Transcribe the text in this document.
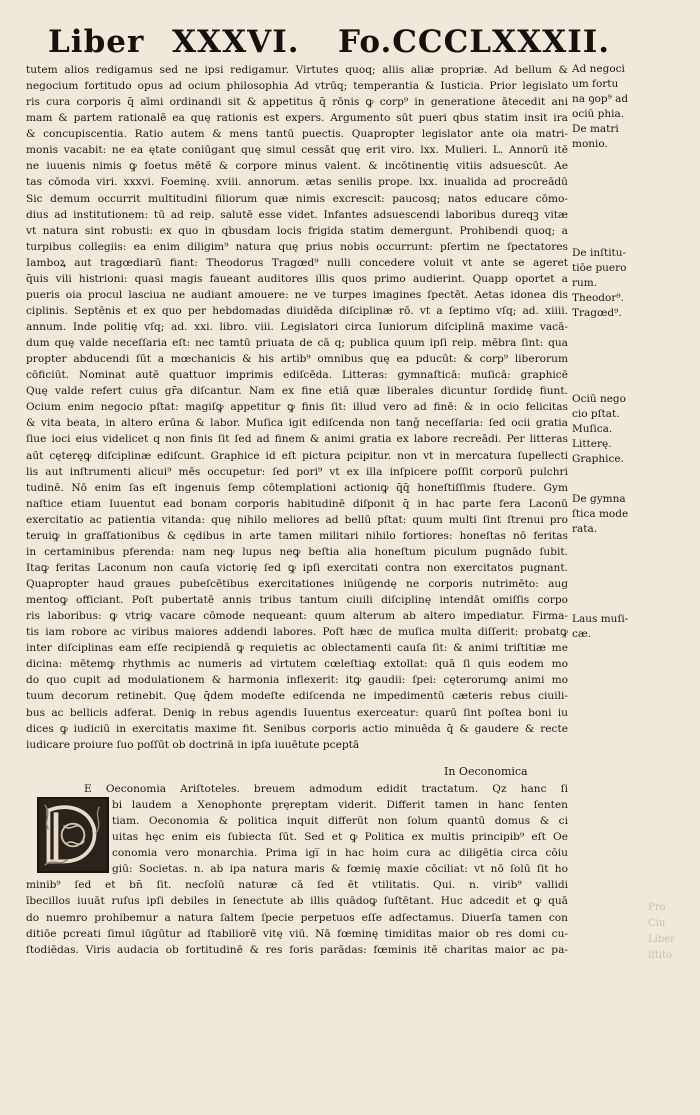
Liber XXXVI. Fo.CCCLXXXII.
tutem alios redigamus sed ne ipsi redigamur. Virtutes quoq; aliis aliæ propriæ. Ad bellum &
negocium fortitudo opus ad ocium philosophia Ad vtrūq; temperantia & Iusticia. Prior legislato
ris cura corporis q̄ aīmi ordinandi sit & appetitus q̄ rōnis ꝙ corp⁹ in generatione ātecedit ani
mam & partem rationalē ea quę rationis est expers. Argumento sūt pueri qbus statim insit ira
& concupiscentia. Ratio autem & mens tantū puectis. Quapropter legislator ante oia matri-
monis vacabit: ne ea ętate coniūgant quę simul cessāt quę erit viro. lxx. Mulieri. L. Annorū itē
ne iuuenis nimis ꝙ foetus mētē & corpore minus valent. & incōtinentię vitiis adsuescūt. Ae
tas cōmoda viri. xxxvi. Foeminę. xviii. annorum. ætas senilis prope. lxx. inualida ad procreādū
Sic demum occurrit multitudini filiorum quæ nimis excrescit: paucosq; natos educare cōmo-
dius ad institutionem: tū ad reip. salutē esse videt. Infantes adsuescendi laboribus dureqꝫ vitæ
vt natura sint robusti: ex quo in qbusdam locis frigida statim demergunt. Prohibendi quoq; a
turpibus collegiis: ea enim diligim⁹ natura quę prius nobis occurrunt: pſertim ne ſpectatores
Iamboꝝ aut tragœdiarū fiant: Theodorus Tragœd⁹ nulli concedere voluit vt ante se ageret
q̄uis vili histrioni: quasi magis faueant auditores illis quos primo audierint. Quapp oportet a
pueris oia procul lasciua ne audiant amouere: ne ve turpes imagines ſpectēt. Aetas idonea dis
ciplinis. Septēnis et ex quo per hebdomadas diuidēda diſciplinæ rō. vt a ſeptimo vſq; ad. xiiii.
annum. Inde politię vſq; ad. xxi. libro. viii. Legislatori circa Iuniorum diſciplinā maxime vacā-
dum quę valde neceſſaria eſt: nec tamtū priuata de cā q; publica quum ipſi reip. mēbra ſint: qua
propter abducendi ſūt a mœchanicis & his artib⁹ omnibus quę ea pducūt: & corp⁹ liberorum
cōficiūt. Nominat autē quattuor imprimis ediſcēda. Litteras: gymnaſticā: muſicā: graphicē
Quę valde refert cuius gr̄a diſcantur. Nam ex fine etiā quæ liberales dicuntur ſordidę fiunt.
Ocium enim negocio pſtat: magiſꝙ appetitur ꝙ finis ſit: illud vero ad finē: & in ocio felicitas
& vita beata, in altero erūna & labor. Muſica igit ediſcenda non tanǧ neceſſaria: ſed ocii gratia
ſiue ioci eius videlicet q non finis ſit ſed ad finem & animi gratia ex labore recreādi. Per litteras
aūt cęteręꝙ diſciplinæ ediſcunt. Graphice id eſt pictura pcipitur. non vt in mercatura ſupellecti
lis aut inſtrumenti alicui⁹ mēs occupetur: ſed pori⁹ vt ex illa inſpicere poſſit corporū pulchri
tudinē. Nō enim ſas eſt ingenuis ſemp cōtemplationi actioniꝙ q̄q̄ honeſtiſſimis ſtudere. Gym
naſtice etiam Iuuentut ead bonam corporis habitudinē diſponit q̄ in hac parte fera Laconū
exercitatio ac patientia vitanda: quę nihilo meliores ad bellū pſtat: quum multi ſint ſtrenui pro
teruiꝙ in graſſationibus & cędibus in arte tamen militari nihilo fortiores: honeſtas nō feritas
in certaminibus pferenda: nam neꝙ lupus neꝙ beſtia alia honeſtum piculum pugnādo ſubit.
Itaꝙ feritas Laconum non cauſa victorię ſed ꝙ ipſi exercitati contra non exercitatos pugnant.
Quapropter haud graues pubeſcētibus exercitationes iniūgendę ne corporis nutrimēto: aug
mentoꝙ officiant. Poſt pubertatē annis tribus tantum ciuili diſciplinę intendāt omiſſis corpo
ris laboribus: ꝙ vtriꝙ vacare cōmode nequeant: quum alterum ab altero impediatur. Firma-
tis iam robore ac viribus maiores addendi labores. Poſt hæc de muſica multa diſſerit: probatꝙ
inter diſciplinas eam eſſe recipiendā ꝙ requietis ac oblectamenti cauſa ſit: & animi triſtitiæ me
dicina: mētemꝙ rhythmis ac numeris ad virtutem cœleſtiaꝙ extollat: quā ſi quis eodem mo
do quo cupit ad modulationem & harmonia inflexerit: itꝙ gaudii: ſpei: cęterorumꝙ animi mo
tuum decorum retinebit. Quę q̄dem modeſte ediſcenda ne impedimentū cæteris rebus ciuili-
bus ac bellicis adferat. Deniꝙ in rebus agendis Iuuentus exerceatur: quarū ſint poſtea boni iu
dices ꝙ iudiciū in exercitatis maxime fit. Senibus corporis actio minuēda q̄ & gaudere & recte
iudicare proiure ſuo poſſūt ob doctrinā in ipſa iuuētute pceptā
In Oeconomica
E Oeconomia Ariſtoteles. breuem admodum edidit tractatum. Qz hanc ſi
bi laudem a Xenophonte pręreptam viderit. Differit tamen in hanc ſenten
tiam. Oeconomia & politica inquit differūt non ſolum quantū domus & ci
uitas hęc enim eis ſubiecta ſūt. Sed et ꝙ Politica ex multis principib⁹ eſt Oe
conomia vero monarchia. Prima igi̅ in hac hoim cura ac diligētia circa cōiu
giū: Societas. n. ab ipa natura maris & fœmię maxie cōciliat: vt nō ſolū ſit ho
minib⁹ ſed et bn̄ ſit. necſolū naturæ cā ſed ēt vtilitatis. Qui. n. virib⁹ vallidi
ībecillos iuuāt ruſus ipſi debiles in ſenectute ab illis quādoꝙ ſuſtētant. Huc adcedit et ꝙ quā
do nuemro prohibemur a natura ſaltem ſpecie perpetuos eſſe adſectamus. Diuerſa tamen con
ditiōe pcreati ſimul iūgūtur ad ſtabiliorē vitę viū. Nā fœminę timiditas maior ob res domi cu-
ſtodiēdas. Viris audacia ob fortitudinē & res foris parādas: fœminis itē charitas maior ac pa-
Ad negoci
um fortu
na ꝯop⁹ ad
ociū phia.
De matri
monio.
De inſtitu-
tiōe puero
rum.
Theodor⁹.
Tragœd⁹.
Ociū nego
cio pſtat.
Muſica.
Litterę.
Graphice.
De gymna
ſtica mode
rata.
Laus muſi-
cæ.
Pro
Ciu
Liber
iſtito
